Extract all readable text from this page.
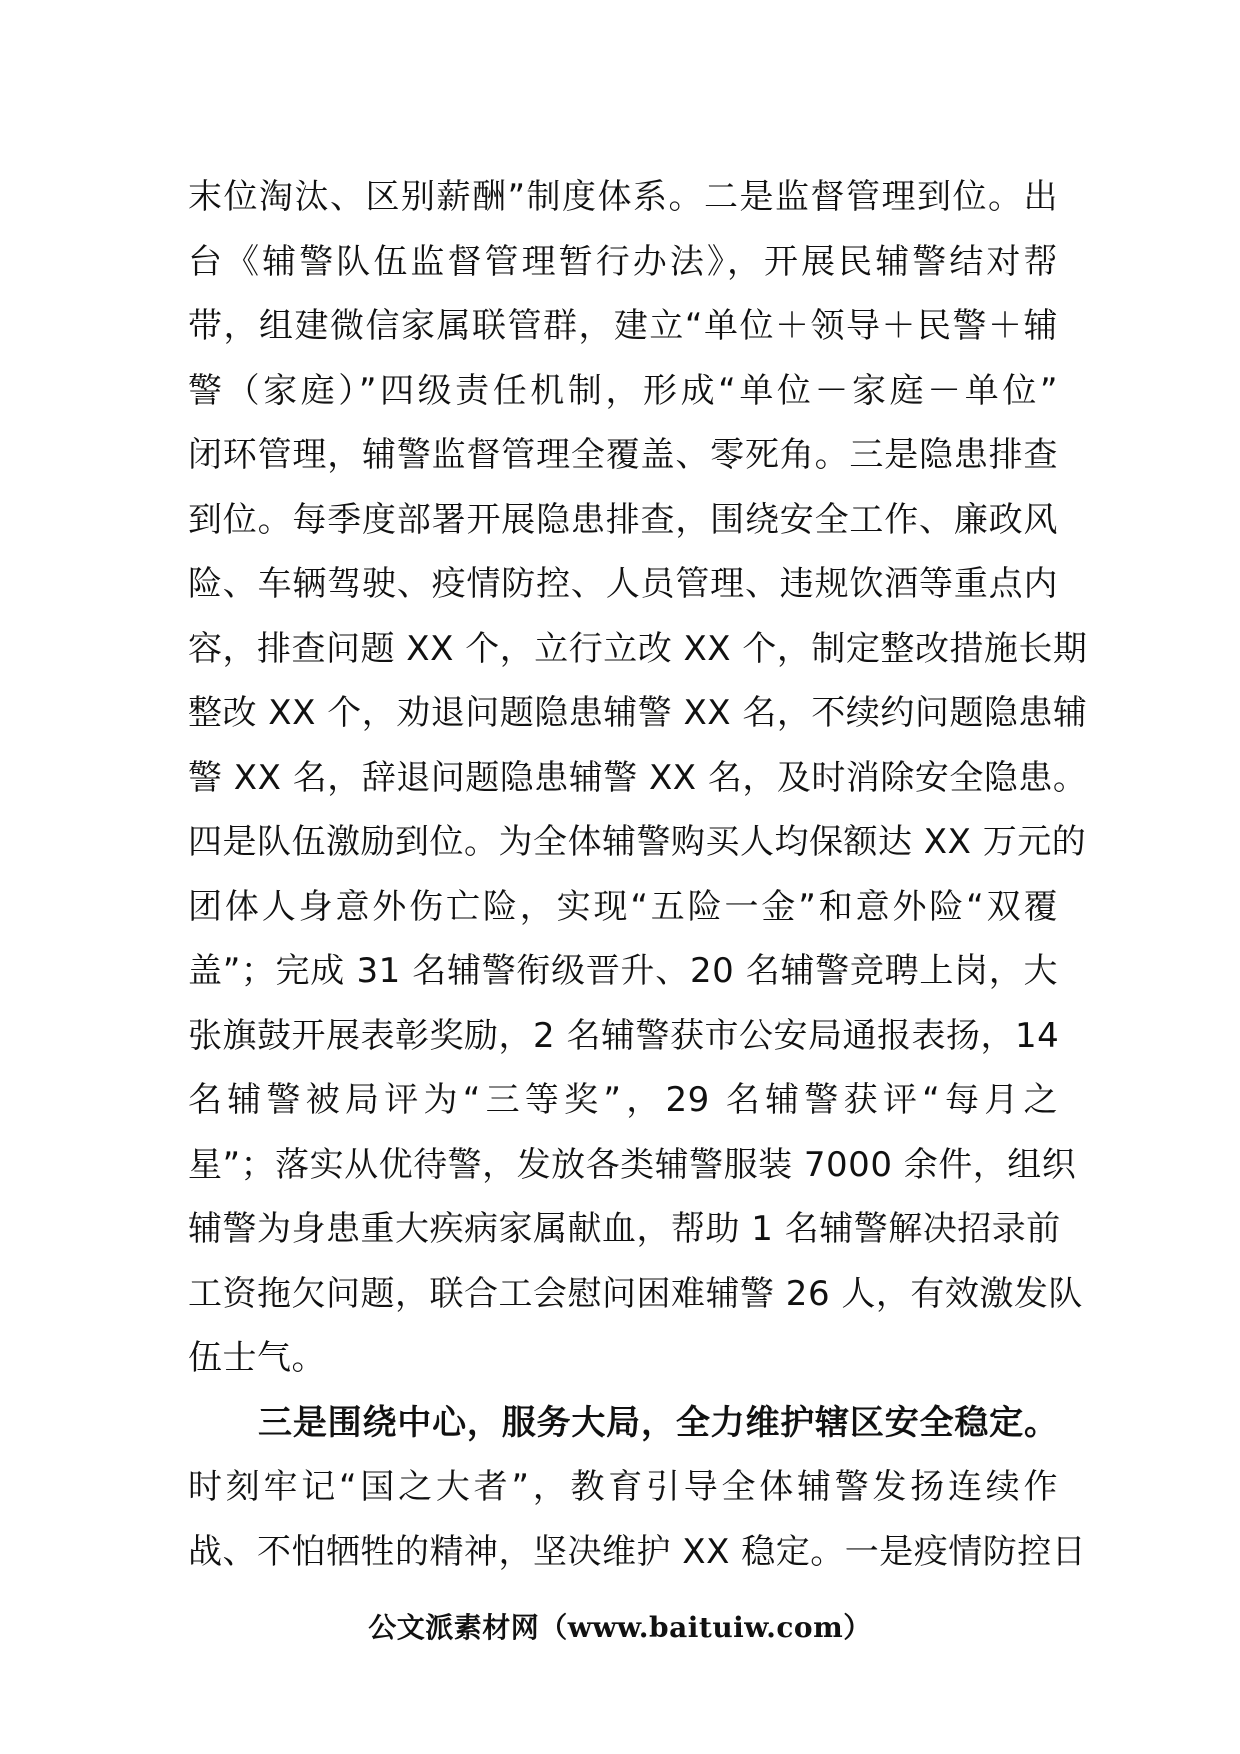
末位淘汰、区别薪酬”制度体系。二是监督管理到位。出
台《辅警队伍监督管理暂行办法》，开展民辅警结对帮
带，组建微信家属联管群，建立“单位＋领导＋民警＋辅
警（家庭）”四级责任机制，形成“单位－家庭－单位”
闭环管理，辅警监督管理全覆盖、零死角。三是隐患排查
到位。每季度部署开展隐患排查，围绕安全工作、廉政风
险、车辆驾驶、疫情防控、人员管理、违规饮酒等重点内
容，排查问题 XX 个，立行立改 XX 个，制定整改措施长期
整改 XX 个，劝退问题隐患辅警 XX 名，不续约问题隐患辅
警 XX 名，辞退问题隐患辅警 XX 名，及时消除安全隐患。
四是队伍激励到位。为全体辅警购买人均保额达 XX 万元的
团体人身意外伤亡险，实现“五险一金”和意外险“双覆
盖”；完成 31 名辅警衔级晋升、20 名辅警竞聘上岗，大
张旗鼓开展表彰奖励，2 名辅警获市公安局通报表扬，14
名辅警被局评为“三等奖”，29 名辅警获评“每月之
星”；落实从优待警，发放各类辅警服装 7000 余件，组织
辅警为身患重大疾病家属献血，帮助 1 名辅警解决招录前
工资拖欠问题，联合工会慰问困难辅警 26 人，有效激发队
伍士气。
三是围绕中心，服务大局，全力维护辖区安全稳定。
时刻牢记“国之大者”，教育引导全体辅警发扬连续作
战、不怕牺牲的精神，坚决维护 XX 稳定。一是疫情防控日
公文派素材网（www.baituiw.com）
